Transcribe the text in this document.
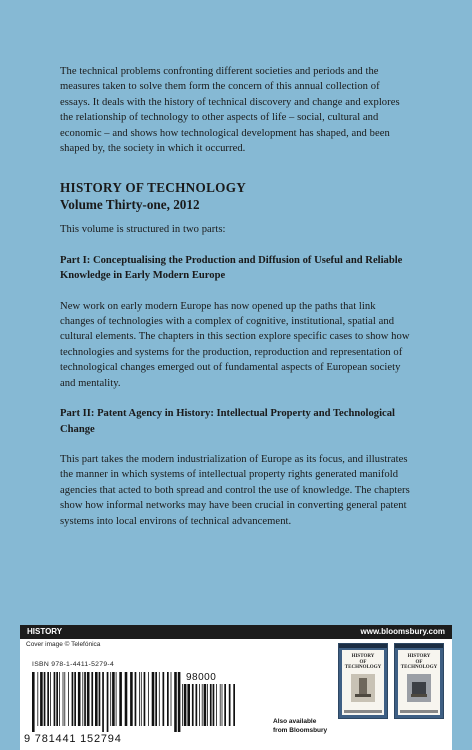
The technical problems confronting different societies and periods and the measures taken to solve them form the concern of this annual collection of essays. It deals with the history of technical discovery and change and explores the relationship of technology to other aspects of life – social, cultural and economic – and shows how technological development has shaped, and been shaped by, the society in which it occurred.

HISTORY OF TECHNOLOGY
Volume Thirty-one, 2012

This volume is structured in two parts:

Part I: Conceptualising the Production and Diffusion of Useful and Reliable Knowledge in Early Modern Europe

New work on early modern Europe has now opened up the paths that link changes of technologies with a complex of cognitive, institutional, spatial and cultural elements. The chapters in this section explore specific cases to show how technologies and systems for the production, reproduction and representation of technological changes emerged out of fundamental aspects of European society and mentality.

Part II: Patent Agency in History: Intellectual Property and Technological Change

This part takes the modern industrialization of Europe as its focus, and illustrates the manner in which systems of intellectual property rights generated manifold agencies that acted to both spread and control the use of knowledge. The chapters show how informal networks may have been crucial in converting general patent systems into local environs of technical advancement.

HISTORY	www.bloomsbury.com
Cover image © Telefónica
ISBN 978-1-4411-5279-4
98000
9 781441 152794
Also available
from Bloomsbury
HISTORY
OF
TECHNOLOGY
HISTORY
OF
TECHNOLOGY
